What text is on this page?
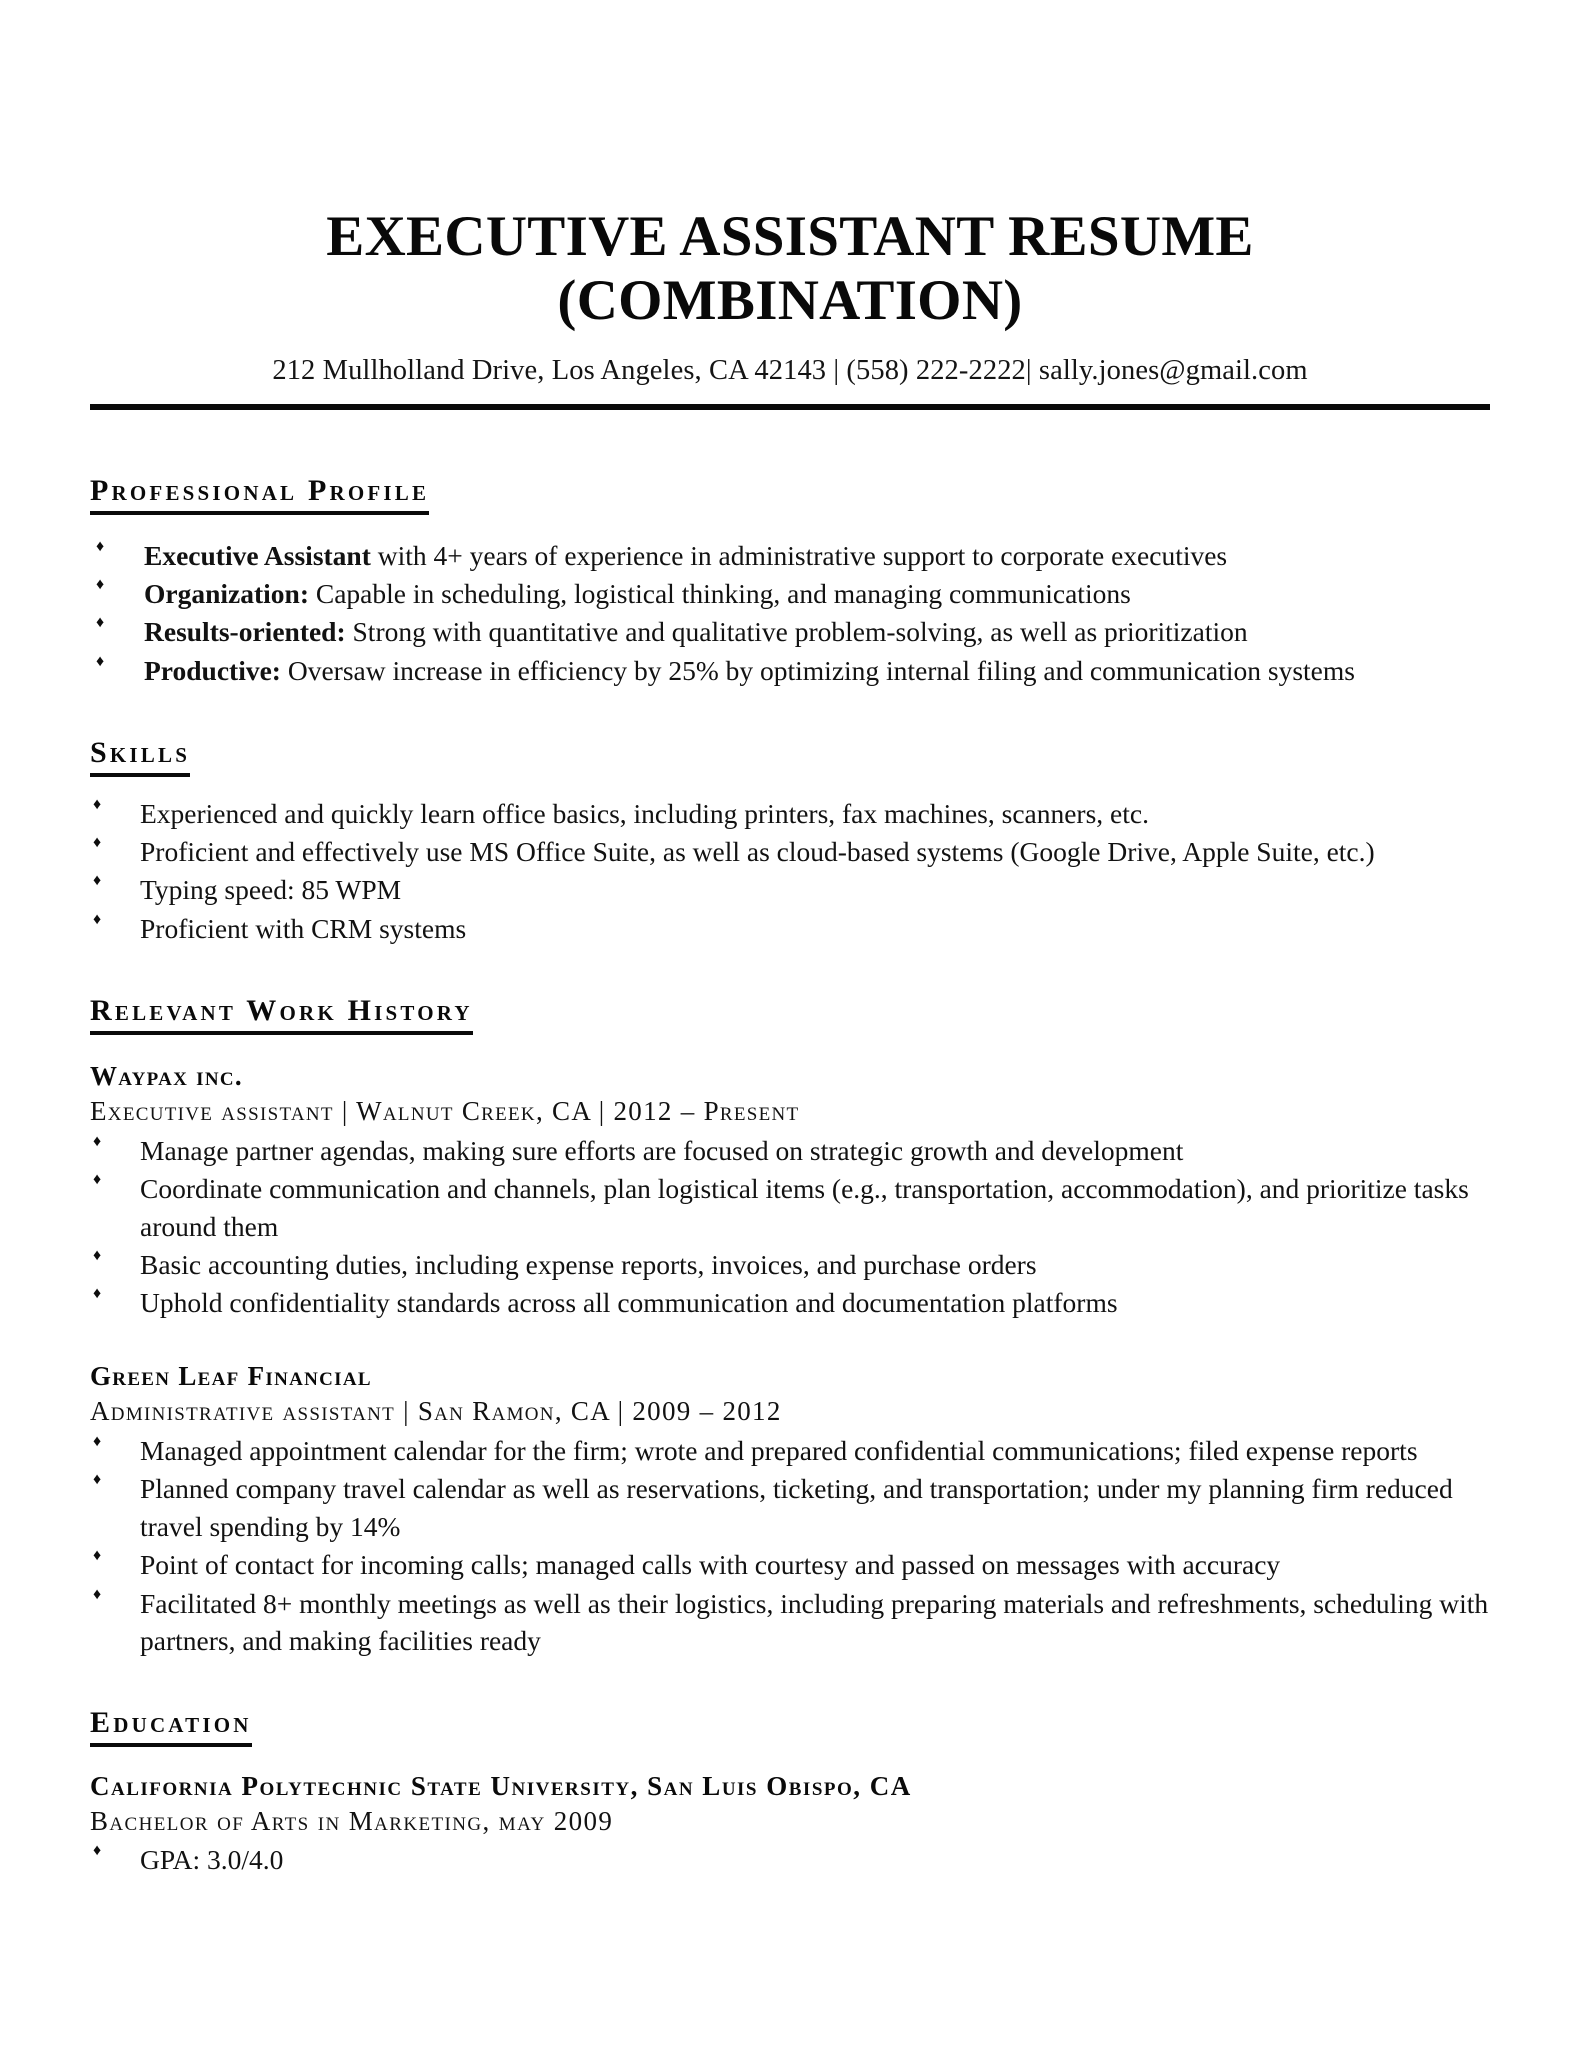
EXECUTIVE ASSISTANT RESUME
(COMBINATION)
212 Mullholland Drive, Los Angeles, CA 42143 | (558) 222-2222| sally.jones@gmail.com
Professional Profile
♦ Executive Assistant with 4+ years of experience in administrative support to corporate executives
♦ Organization: Capable in scheduling, logistical thinking, and managing communications
♦ Results-oriented: Strong with quantitative and qualitative problem-solving, as well as prioritization
♦ Productive: Oversaw increase in efficiency by 25% by optimizing internal filing and communication systems
Skills
♦ Experienced and quickly learn office basics, including printers, fax machines, scanners, etc.
♦ Proficient and effectively use MS Office Suite, as well as cloud-based systems (Google Drive, Apple Suite, etc.)
♦ Typing speed: 85 WPM
♦ Proficient with CRM systems
Relevant Work History
Waypax inc.
Executive assistant | Walnut Creek, CA | 2012 – Present
♦ Manage partner agendas, making sure efforts are focused on strategic growth and development
♦ Coordinate communication and channels, plan logistical items (e.g., transportation, accommodation), and prioritize tasks around them
♦ Basic accounting duties, including expense reports, invoices, and purchase orders
♦ Uphold confidentiality standards across all communication and documentation platforms
Green Leaf Financial
Administrative assistant | San Ramon, CA | 2009 – 2012
♦ Managed appointment calendar for the firm; wrote and prepared confidential communications; filed expense reports
♦ Planned company travel calendar as well as reservations, ticketing, and transportation; under my planning firm reduced travel spending by 14%
♦ Point of contact for incoming calls; managed calls with courtesy and passed on messages with accuracy
♦ Facilitated 8+ monthly meetings as well as their logistics, including preparing materials and refreshments, scheduling with partners, and making facilities ready
Education
California Polytechnic State University, San Luis Obispo, CA
Bachelor of Arts in Marketing, may 2009
♦ GPA: 3.0/4.0
